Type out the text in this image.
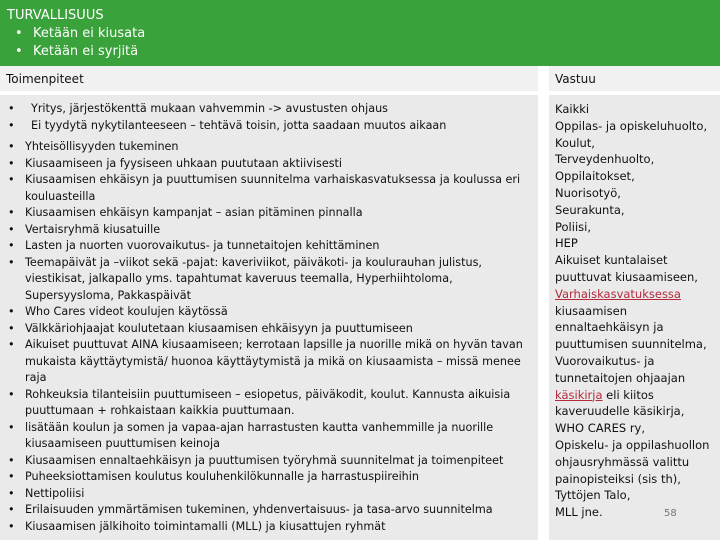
TURVALLISUUS
• Ketään ei kiusata
• Ketään ei syrjitä
Toimenpiteet	Vastuu
• Yritys, järjestökenttä mukaan vahvemmin -> avustusten ohjaus
• Ei tyydytä nykytilanteeseen – tehtävä toisin, jotta saadaan muutos aikaan
• Yhteisöllisyyden tukeminen
• Kiusaamiseen ja fyysiseen uhkaan puututaan aktiivisesti
• Kiusaamisen ehkäisyn ja puuttumisen suunnitelma varhaiskasvatuksessa ja koulussa eri kouluasteilla
• Kiusaamisen ehkäisyn kampanjat – asian pitäminen pinnalla
• Vertaisryhmä kiusatuille
• Lasten ja nuorten vuorovaikutus- ja tunnetaitojen kehittäminen
• Teemapäivät ja –viikot sekä -pajat: kaveriviikot, päiväkoti- ja koulurauhan julistus, viestikisat, jalkapallo yms. tapahtumat kaveruus teemalla, Hyperhiihtoloma, Supersyysloma, Pakkaspäivät
• Who Cares videot koulujen käytössä
• Välkkäriohjaajat koulutetaan kiusaamisen ehkäisyyn ja puuttumiseen
• Aikuiset puuttuvat AINA kiusaamiseen; kerrotaan lapsille ja nuorille mikä on hyvän tavan mukaista käyttäytymistä/ huonoa käyttäytymistä ja mikä on kiusaamista – missä menee raja
• Rohkeuksia tilanteisiin puuttumiseen – esiopetus, päiväkodit, koulut. Kannusta aikuisia puuttumaan + rohkaistaan kaikkia puuttumaan.
• lisätään koulun ja somen ja vapaa-ajan harrastusten kautta vanhemmille ja nuorille kiusaamiseen puuttumisen keinoja
• Kiusaamisen ennaltaehkäisyn ja puuttumisen työryhmä suunnitelmat ja toimenpiteet
• Puheeksiottamisen koulutus kouluhenkilökunnalle ja harrastuspiireihin
• Nettipoliisi
• Erilaisuuden ymmärtämisen tukeminen, yhdenvertaisuus- ja tasa-arvo suunnitelma
• Kiusaamisen jälkihoito toimintamalli (MLL) ja kiusattujen ryhmät
Kaikki
Oppilas- ja opiskeluhuolto,
Koulut,
Terveydenhuolto,
Oppilaitokset,
Nuorisotyö,
Seurakunta,
Poliisi,
HEP
Aikuiset kuntalaiset
puuttuvat kiusaamiseen,
Varhaiskasvatuksessa
kiusaamisen
ennaltaehkäisyn ja
puuttumisen suunnitelma,
Vuorovaikutus- ja
tunnetaitojen ohjaajan
käsikirja eli kiitos
kaveruudelle käsikirja,
WHO CARES ry,
Opiskelu- ja oppilashuollon
ohjausryhmässä valittu
painopisteiksi (sis th),
Tyttöjen Talo,
MLL jne.	58
